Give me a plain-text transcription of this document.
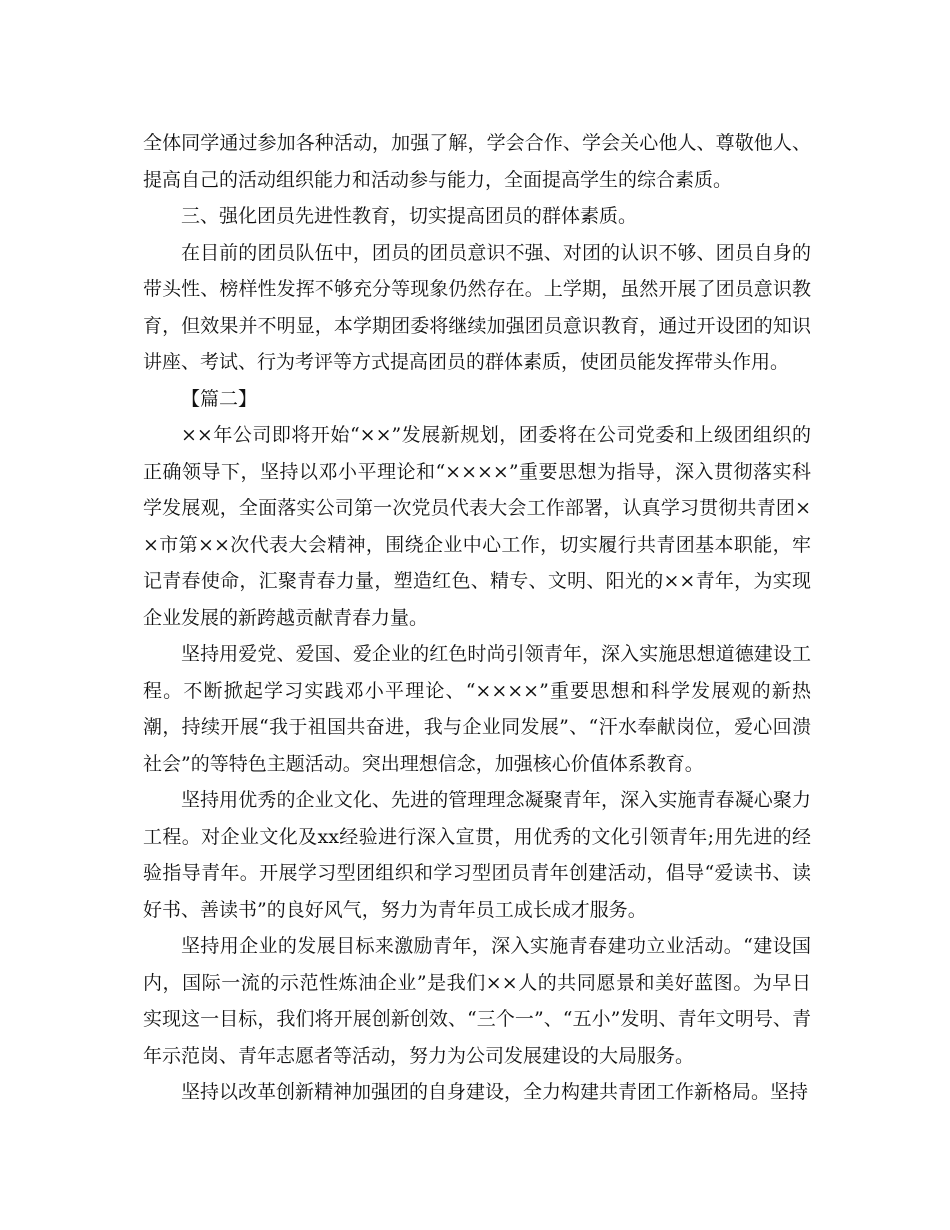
全体同学通过参加各种活动，加强了解，学会合作、学会关心他人、尊敬他人、提高自己的活动组织能力和活动参与能力，全面提高学生的综合素质。

三、强化团员先进性教育，切实提高团员的群体素质。

在目前的团员队伍中，团员的团员意识不强、对团的认识不够、团员自身的带头性、榜样性发挥不够充分等现象仍然存在。上学期，虽然开展了团员意识教育，但效果并不明显，本学期团委将继续加强团员意识教育，通过开设团的知识讲座、考试、行为考评等方式提高团员的群体素质，使团员能发挥带头作用。

【篇二】

××年公司即将开始“××”发展新规划，团委将在公司党委和上级团组织的正确领导下，坚持以邓小平理论和“××××”重要思想为指导，深入贯彻落实科学发展观，全面落实公司第一次党员代表大会工作部署，认真学习贯彻共青团××市第××次代表大会精神，围绕企业中心工作，切实履行共青团基本职能，牢记青春使命，汇聚青春力量，塑造红色、精专、文明、阳光的××青年，为实现企业发展的新跨越贡献青春力量。

坚持用爱党、爱国、爱企业的红色时尚引领青年，深入实施思想道德建设工程。不断掀起学习实践邓小平理论、“××××”重要思想和科学发展观的新热潮，持续开展“我于祖国共奋进，我与企业同发展”、“汗水奉献岗位，爱心回溃社会”的等特色主题活动。突出理想信念，加强核心价值体系教育。

坚持用优秀的企业文化、先进的管理理念凝聚青年，深入实施青春凝心聚力工程。对企业文化及xx经验进行深入宣贯，用优秀的文化引领青年;用先进的经验指导青年。开展学习型团组织和学习型团员青年创建活动，倡导“爱读书、读好书、善读书”的良好风气，努力为青年员工成长成才服务。

坚持用企业的发展目标来激励青年，深入实施青春建功立业活动。“建设国内，国际一流的示范性炼油企业”是我们××人的共同愿景和美好蓝图。为早日实现这一目标，我们将开展创新创效、“三个一”、“五小”发明、青年文明号、青年示范岗、青年志愿者等活动，努力为公司发展建设的大局服务。

坚持以改革创新精神加强团的自身建设，全力构建共青团工作新格局。坚持
